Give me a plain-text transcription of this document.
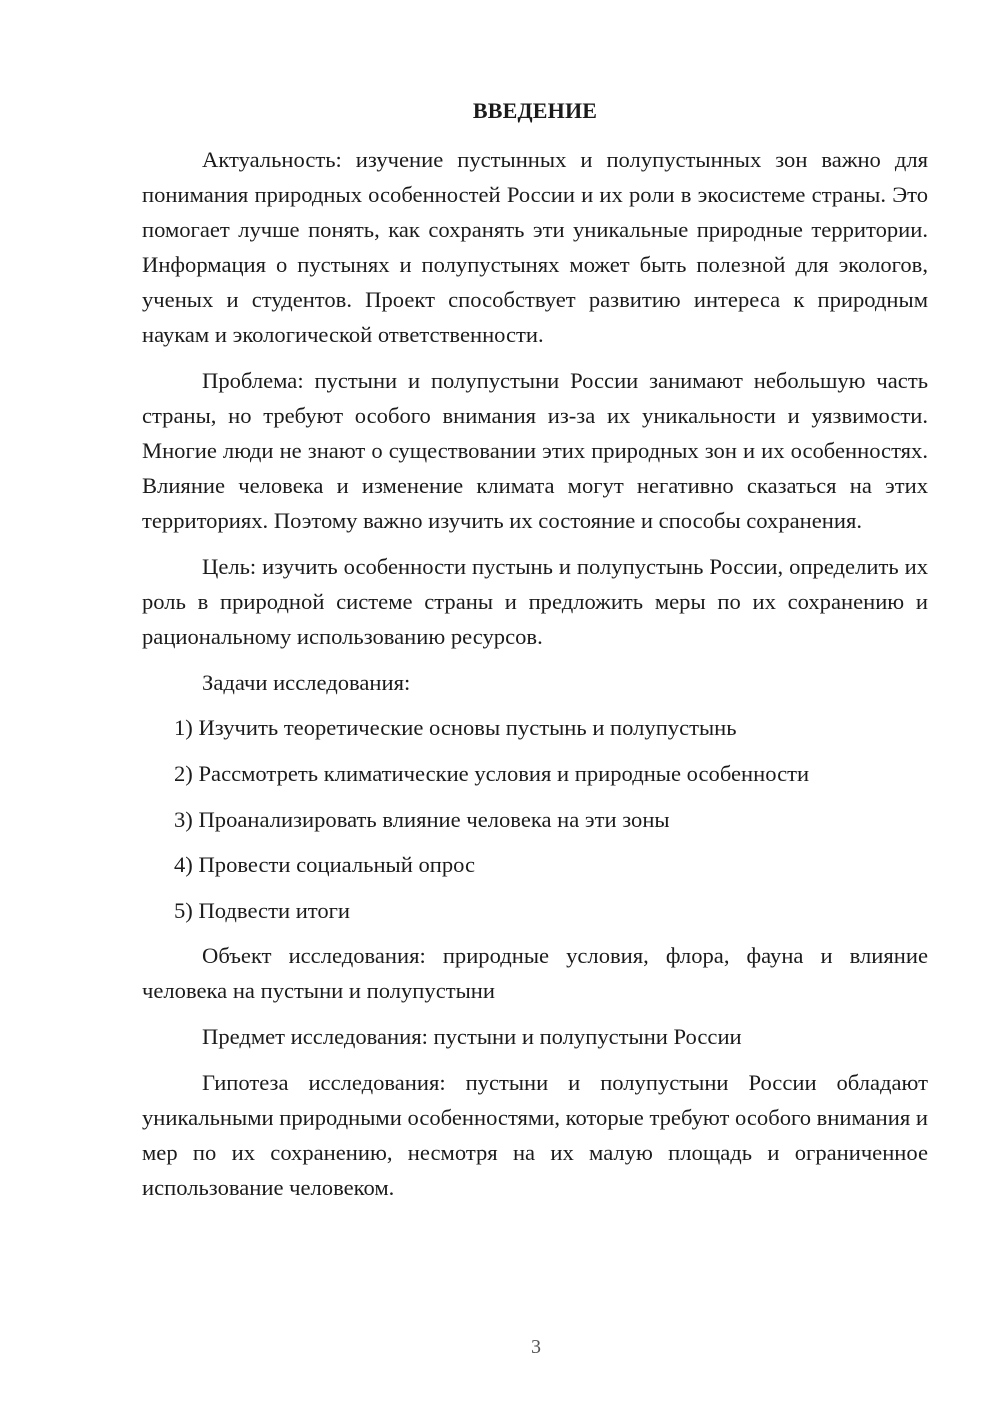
ВВЕДЕНИЕ

Актуальность: изучение пустынных и полупустынных зон важно для понимания природных особенностей России и их роли в экосистеме страны. Это помогает лучше понять, как сохранять эти уникальные природные территории. Информация о пустынях и полупустынях может быть полезной для экологов, ученых и студентов. Проект способствует развитию интереса к природным наукам и экологической ответственности.

Проблема: пустыни и полупустыни России занимают небольшую часть страны, но требуют особого внимания из-за их уникальности и уязвимости. Многие люди не знают о существовании этих природных зон и их особенностях. Влияние человека и изменение климата могут негативно сказаться на этих территориях. Поэтому важно изучить их состояние и способы сохранения.

Цель: изучить особенности пустынь и полупустынь России, определить их роль в природной системе страны и предложить меры по их сохранению и рациональному использованию ресурсов.

Задачи исследования:

1) Изучить теоретические основы пустынь и полупустынь

2) Рассмотреть климатические условия и природные особенности

3) Проанализировать влияние человека на эти зоны

4) Провести социальный опрос

5) Подвести итоги

Объект исследования: природные условия, флора, фауна и влияние человека на пустыни и полупустыни

Предмет исследования: пустыни и полупустыни России

Гипотеза исследования: пустыни и полупустыни России обладают уникальными природными особенностями, которые требуют особого внимания и мер по их сохранению, несмотря на их малую площадь и ограниченное использование человеком.

3
